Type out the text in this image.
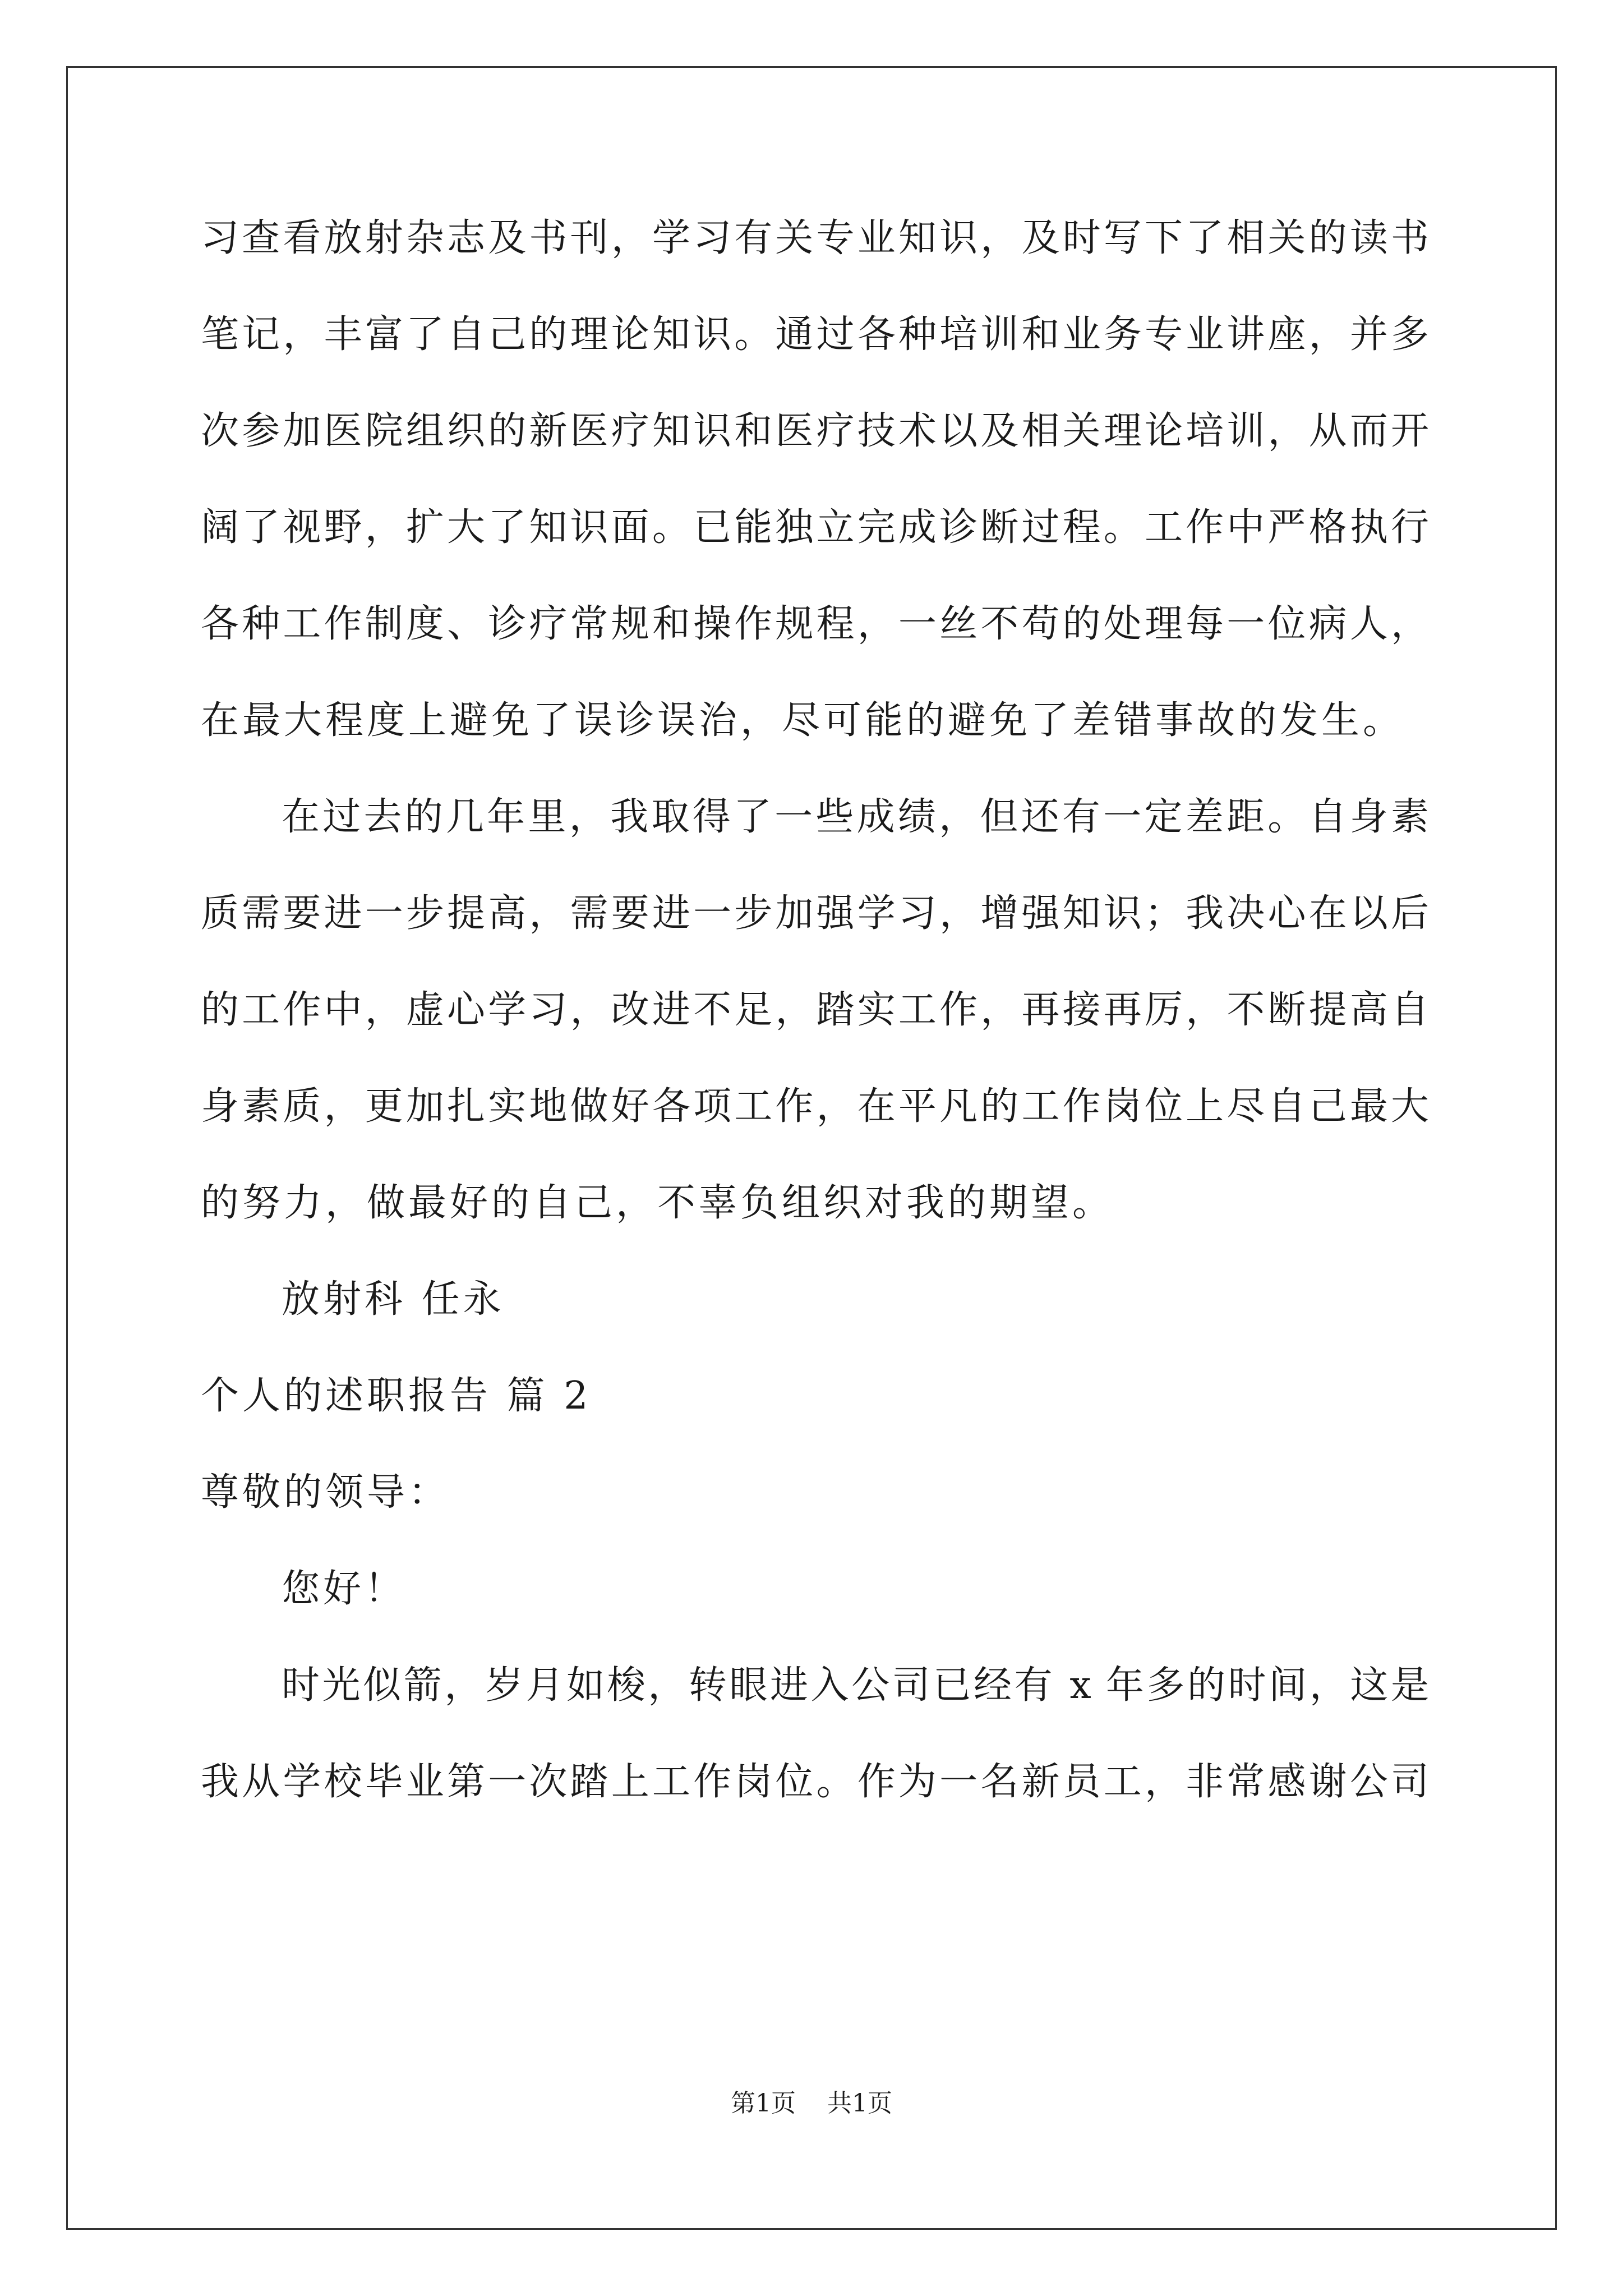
习查看放射杂志及书刊，学习有关专业知识，及时写下了相关的读书
笔记，丰富了自己的理论知识。通过各种培训和业务专业讲座，并多
次参加医院组织的新医疗知识和医疗技术以及相关理论培训，从而开
阔了视野，扩大了知识面。已能独立完成诊断过程。工作中严格执行
各种工作制度、诊疗常规和操作规程，一丝不苟的处理每一位病人，
在最大程度上避免了误诊误治，尽可能的避免了差错事故的发生。
在过去的几年里，我取得了一些成绩，但还有一定差距。自身素
质需要进一步提高，需要进一步加强学习，增强知识；我决心在以后
的工作中，虚心学习，改进不足，踏实工作，再接再厉，不断提高自
身素质，更加扎实地做好各项工作，在平凡的工作岗位上尽自己最大
的努力，做最好的自己，不辜负组织对我的期望。
放射科 任永
个人的述职报告 篇 2
尊敬的领导：
您好！
时光似箭，岁月如梭，转眼进入公司已经有 x 年多的时间，这是
我从学校毕业第一次踏上工作岗位。作为一名新员工，非常感谢公司
第1页    共1页
